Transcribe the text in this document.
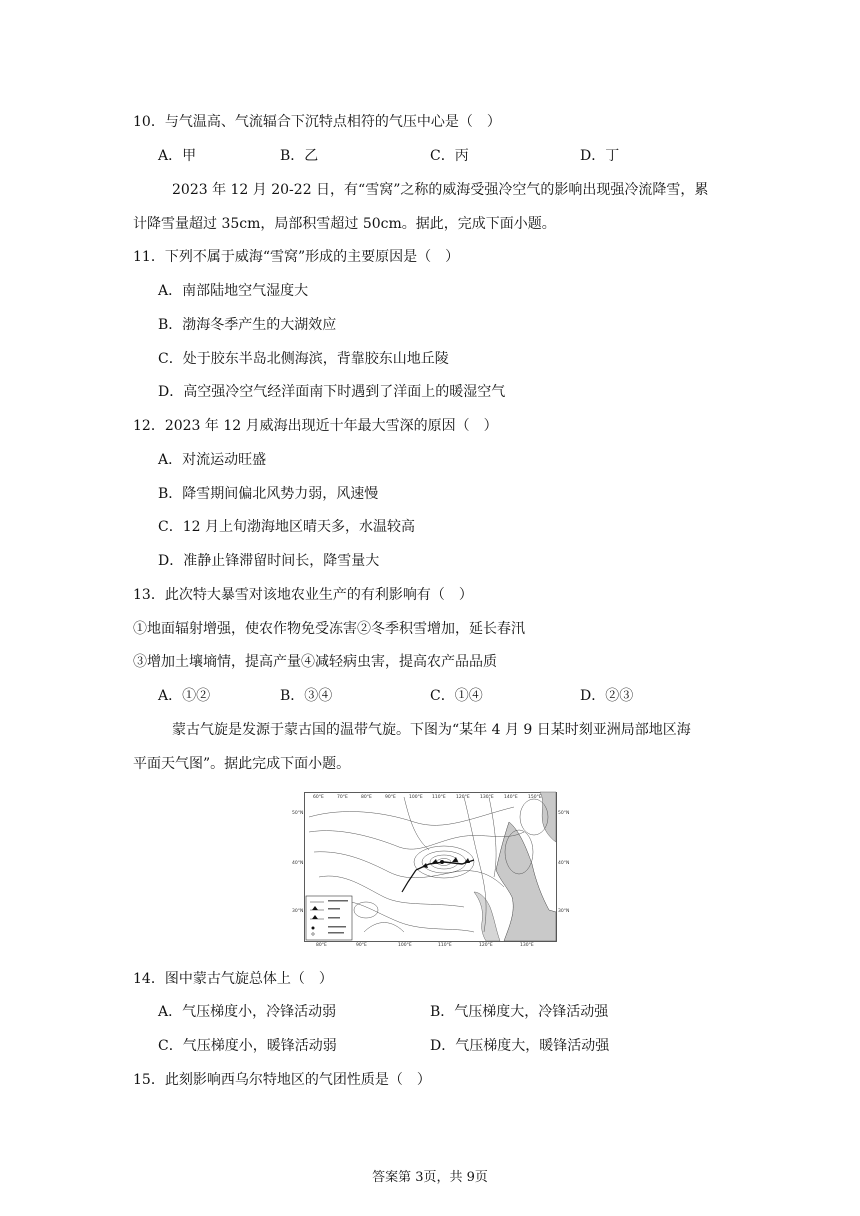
10．与气温高、气流辐合下沉特点相符的气压中心是（　）
A．甲	B．乙	C．丙	D．丁
2023 年 12 月 20-22 日，有“雪窝”之称的威海受强冷空气的影响出现强冷流降雪，累
计降雪量超过 35cm，局部积雪超过 50cm。据此，完成下面小题。
11．下列不属于威海“雪窝”形成的主要原因是（　）
A．南部陆地空气湿度大
B．渤海冬季产生的大湖效应
C．处于胶东半岛北侧海滨，背靠胶东山地丘陵
D．高空强冷空气经洋面南下时遇到了洋面上的暖湿空气
12．2023 年 12 月威海出现近十年最大雪深的原因（　）
A．对流运动旺盛
B．降雪期间偏北风势力弱，风速慢
C．12 月上旬渤海地区晴天多，水温较高
D．准静止锋滞留时间长，降雪量大
13．此次特大暴雪对该地农业生产的有利影响有（　）
①地面辐射增强，使农作物免受冻害②冬季积雪增加，延长春汛
③增加土壤墒情，提高产量④减轻病虫害，提高农产品品质
A．①②	B．③④	C．①④	D．②③
蒙古气旋是发源于蒙古国的温带气旋。下图为“某年 4 月 9 日某时刻亚洲局部地区海
平面天气图”。据此完成下面小题。
60°E	70°E	80°E	90°E	100°E 110°E 120°E 130°E 140°E 150°E
80°E	90°E	100°E	110°E	120°E	130°E
50°N
40°N
30°N
50°N
40°N
30°N
14．图中蒙古气旋总体上（　）
A．气压梯度小，冷锋活动弱	B．气压梯度大，冷锋活动强
C．气压梯度小，暖锋活动弱	D．气压梯度大，暖锋活动强
15．此刻影响西乌尔特地区的气团性质是（　）
答案第 3页，共 9页
